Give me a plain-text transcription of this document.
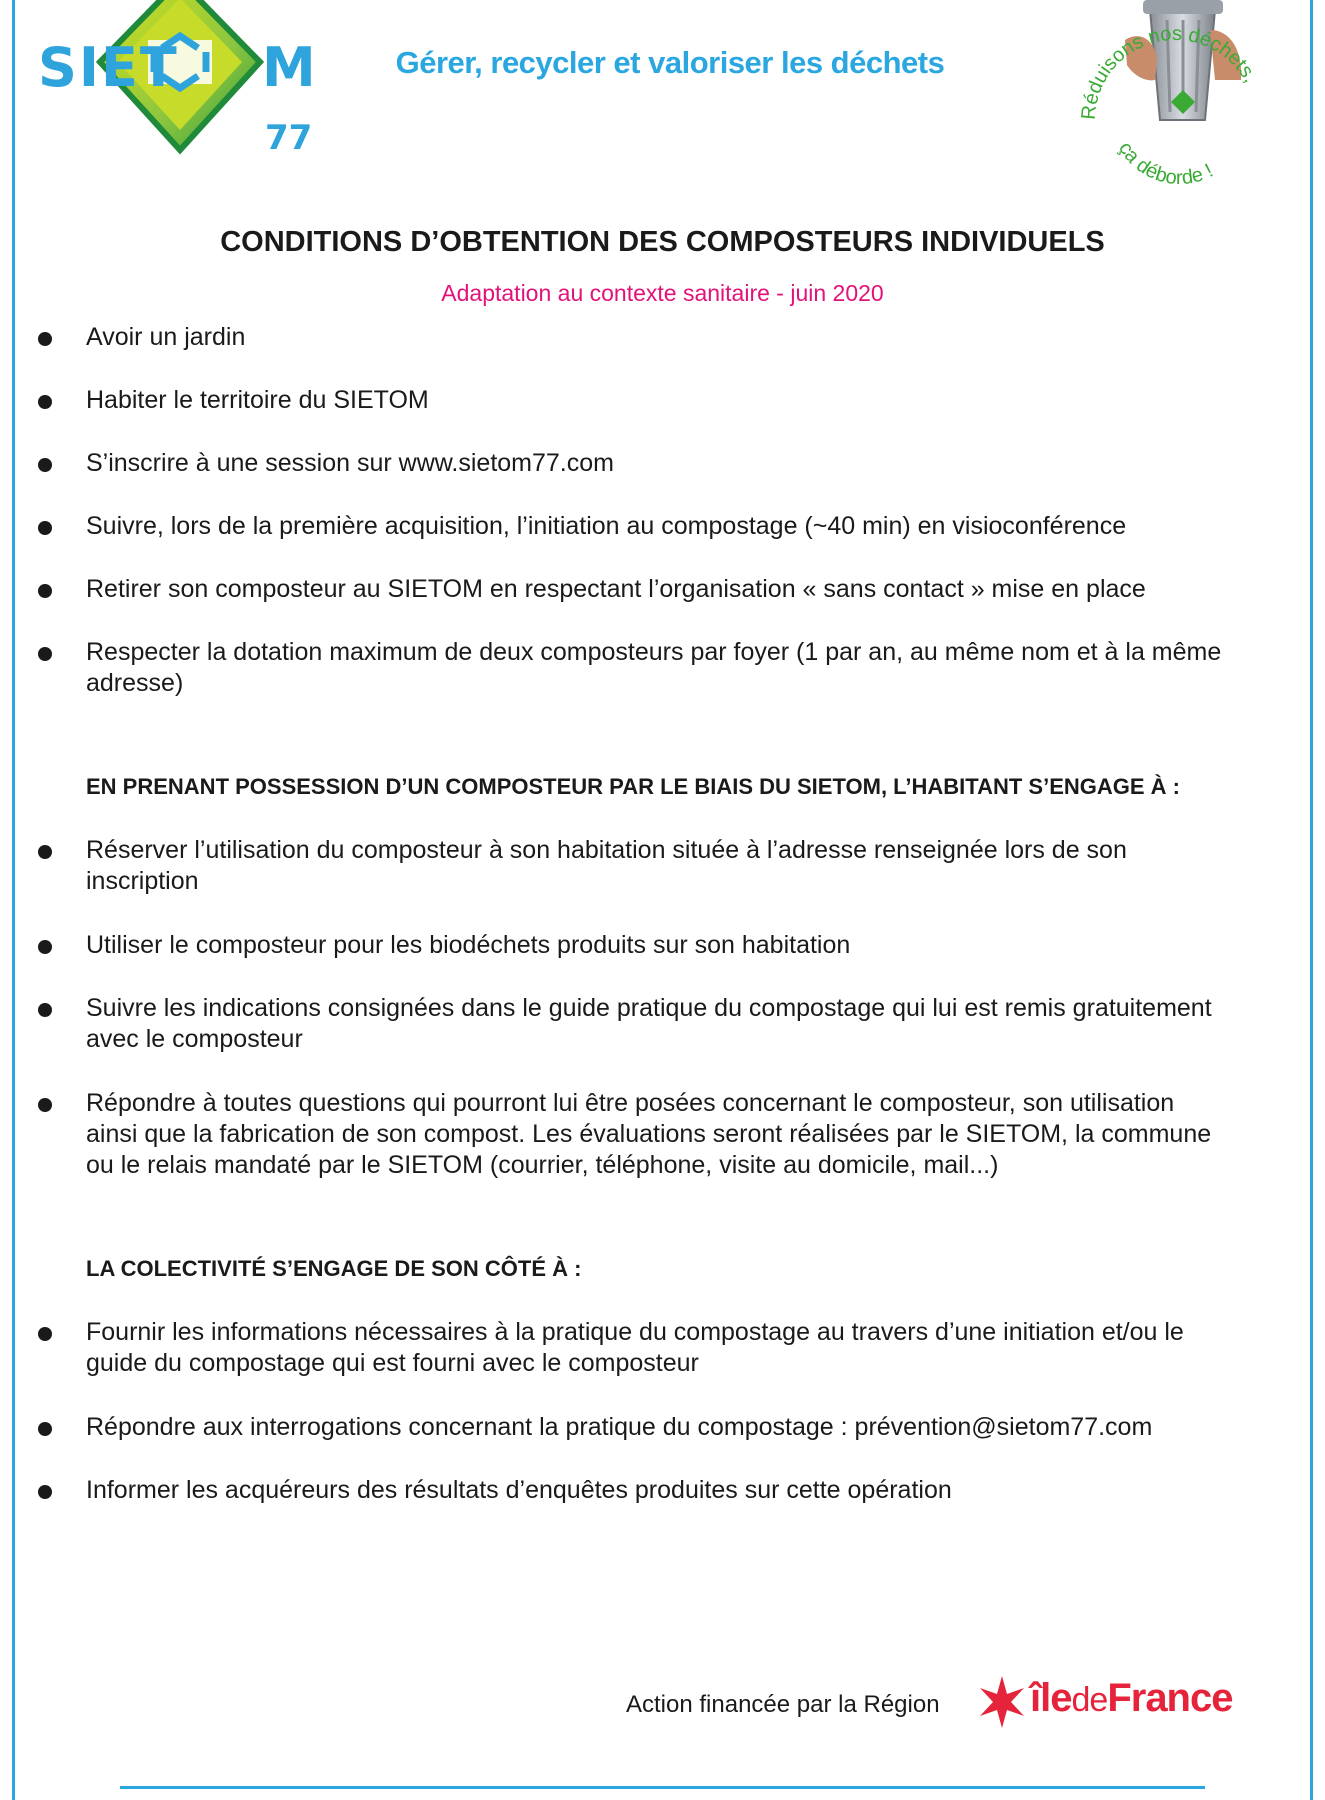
SIET M
77
Gérer, recycler et valoriser les déchets
Réduisons nos déchets,
ça déborde !
CONDITIONS D’OBTENTION DES COMPOSTEURS INDIVIDUELS
Adaptation au contexte sanitaire - juin 2020
Avoir un jardin
Habiter le territoire du SIETOM
S’inscrire à une session sur www.sietom77.com
Suivre, lors de la première acquisition, l’initiation au compostage (~40 min) en visioconférence
Retirer son composteur au SIETOM en respectant l’organisation « sans contact » mise en place
Respecter la dotation maximum de deux composteurs par foyer (1 par an, au même nom et à la même adresse)
EN PRENANT POSSESSION D’UN COMPOSTEUR PAR LE BIAIS DU SIETOM, L’HABITANT S’ENGAGE À :
Réserver l’utilisation du composteur à son habitation située à l’adresse renseignée lors de son inscription
Utiliser le composteur pour les biodéchets produits sur son habitation
Suivre les indications consignées dans le guide pratique du compostage qui lui est remis gratuitement avec le composteur
Répondre à toutes questions qui pourront lui être posées concernant le composteur, son utilisation ainsi que la fabrication de son compost. Les évaluations seront réalisées par le SIETOM, la commune ou le relais mandaté par le SIETOM (courrier, téléphone, visite au domicile, mail...)
LA COLECTIVITÉ S’ENGAGE DE SON CÔTÉ À :
Fournir les informations nécessaires à la pratique du compostage au travers d’une initiation et/ou le guide du compostage qui est fourni avec le composteur
Répondre aux interrogations concernant la pratique du compostage : prévention@sietom77.com
Informer les acquéreurs des résultats d’enquêtes produites sur cette opération
Action financée par la Région îledeFrance
